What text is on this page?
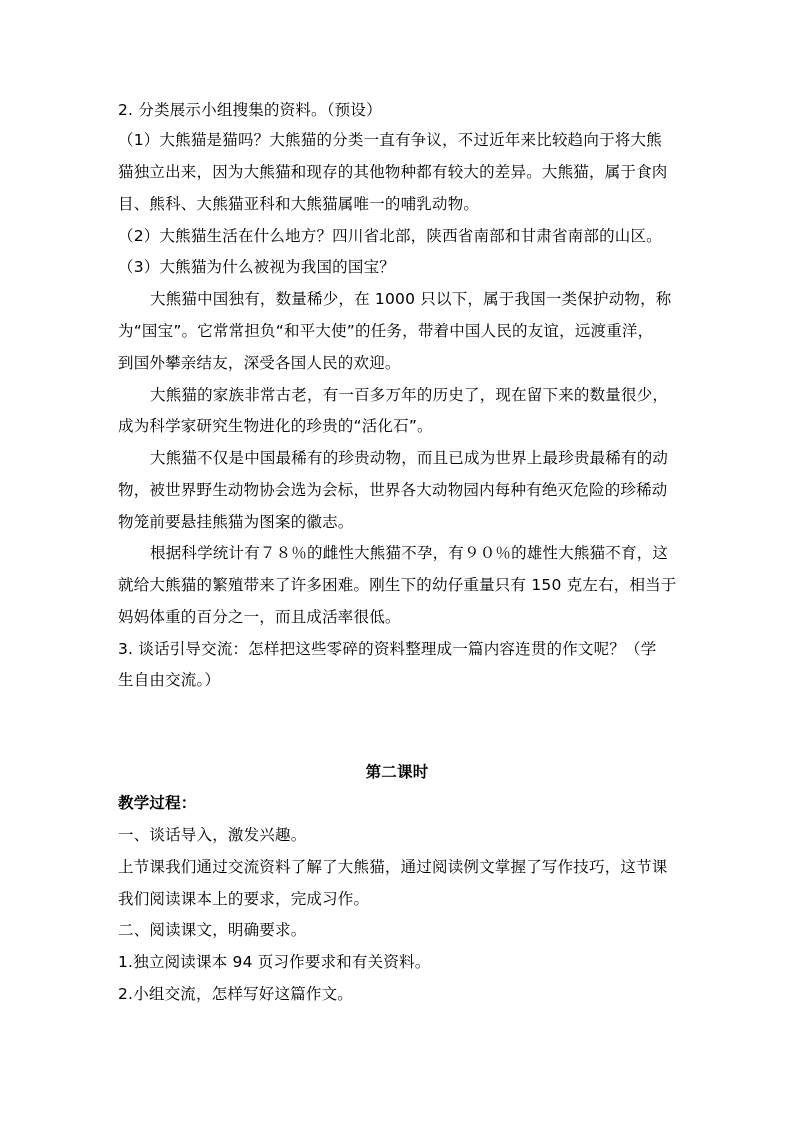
2. 分类展示小组搜集的资料。（预设）
（1）大熊猫是猫吗？大熊猫的分类一直有争议，不过近年来比较趋向于将大熊
猫独立出来，因为大熊猫和现存的其他物种都有较大的差异。大熊猫，属于食肉
目、熊科、大熊猫亚科和大熊猫属唯一的哺乳动物。
（2）大熊猫生活在什么地方？四川省北部，陕西省南部和甘肃省南部的山区。
（3）大熊猫为什么被视为我国的国宝？
大熊猫中国独有，数量稀少，在 1000 只以下，属于我国一类保护动物，称
为“国宝”。它常常担负“和平大使”的任务，带着中国人民的友谊，远渡重洋，
到国外攀亲结友，深受各国人民的欢迎。
大熊猫的家族非常古老，有一百多万年的历史了，现在留下来的数量很少，
成为科学家研究生物进化的珍贵的“活化石”。
大熊猫不仅是中国最稀有的珍贵动物，而且已成为世界上最珍贵最稀有的动
物，被世界野生动物协会选为会标，世界各大动物园内每种有绝灭危险的珍稀动
物笼前要悬挂熊猫为图案的徽志。
根据科学统计有７８％的雌性大熊猫不孕，有９０％的雄性大熊猫不育，这
就给大熊猫的繁殖带来了许多困难。刚生下的幼仔重量只有 150 克左右，相当于
妈妈体重的百分之一，而且成活率很低。
3. 谈话引导交流：怎样把这些零碎的资料整理成一篇内容连贯的作文呢？（学
生自由交流。）
第二课时
教学过程：
一、谈话导入，激发兴趣。
上节课我们通过交流资料了解了大熊猫，通过阅读例文掌握了写作技巧，这节课
我们阅读课本上的要求，完成习作。
二、阅读课文，明确要求。
1.独立阅读课本 94 页习作要求和有关资料。
2.小组交流，怎样写好这篇作文。
